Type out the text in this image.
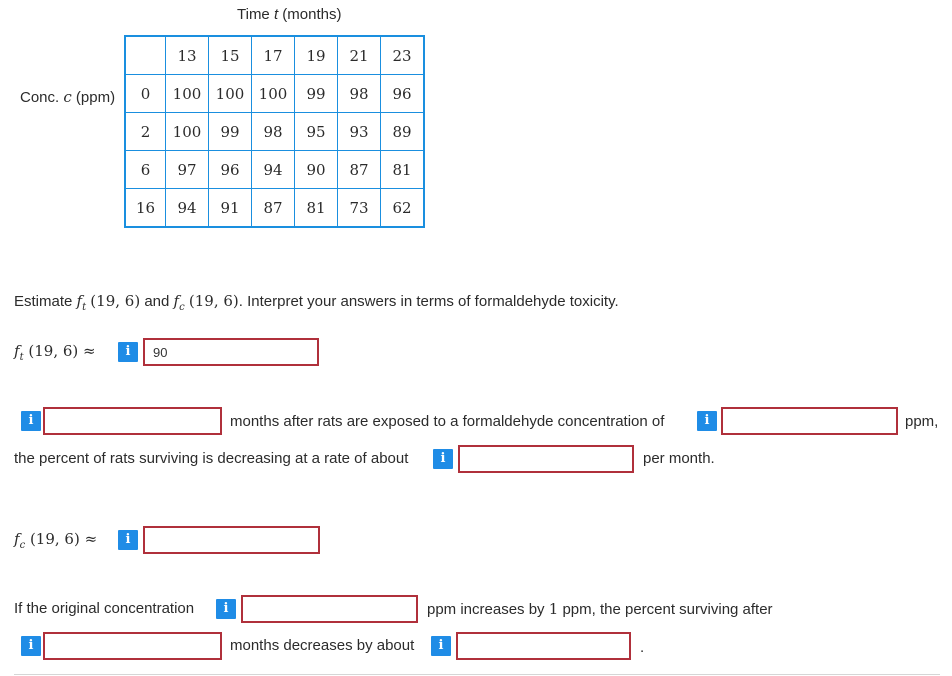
Time t (months)
Conc. c (ppm)
	13	15	17	19	21	23
0	100	100	100	99	98	96
2	100	99	98	95	93	89
6	97	96	94	90	87	81
16	94	91	87	81	73	62
Estimate $f_t$ (19, 6) and $f_c$ (19, 6). Interpret your answers in terms of formaldehyde toxicity.
$f_t$ (19, 6) ≈	i	90
i	months after rats are exposed to a formaldehyde concentration of	i	ppm,
the percent of rats surviving is decreasing at a rate of about	i	per month.
$f_c$ (19, 6) ≈	i
If the original concentration	i	ppm increases by 1 ppm, the percent surviving after
i	months decreases by about	i	.
